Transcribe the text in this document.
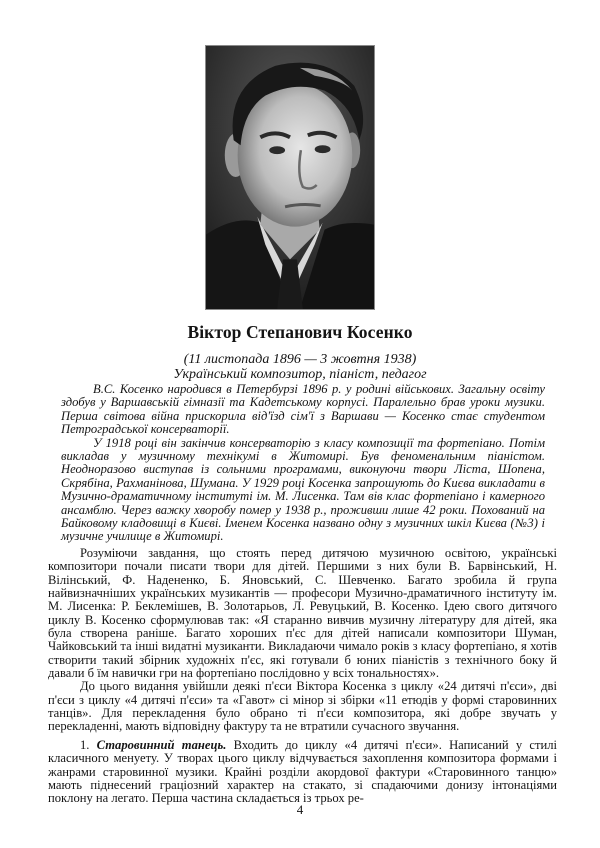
Віктор Степанович Косенко
(11 листопада 1896 — 3 жовтня 1938)
Український композитор, піаніст, педагог

В.С. Косенко народився в Петербурзі 1896 р. у родині військових. Загальну освіту здобув у Варшавській гімназії та Кадетському корпусі. Паралельно брав уроки музики. Перша світова війна прискорила від'їзд сім'ї з Варшави — Косенко стає студентом Петроградської консерваторії.

У 1918 році він закінчив консерваторію з класу композиції та фортепіано. Потім викладав у музичному технікумі в Житомирі. Був феноменальним піаністом. Неодноразово виступав із сольними програмами, виконуючи твори Ліста, Шопена, Скрябіна, Рахманінова, Шумана. У 1929 році Косенка запрошують до Києва викладати в Музично-драматичному інституті ім. М. Лисенка. Там вів клас фортепіано і камерного ансамблю. Через важку хворобу помер у 1938 р., проживши лише 42 роки. Похований на Байковому кладовищі в Києві. Іменем Косенка названо одну з музичних шкіл Києва (№3) і музичне училище в Житомирі.

Розуміючи завдання, що стоять перед дитячою музичною освітою, українські композитори почали писати твори для дітей. Першими з них були В. Барвінський, Н. Вілінський, Ф. Надененко, Б. Яновський, С. Шевченко. Багато зробила й група найвизначніших українських музикантів — професори Музично-драматичного інституту ім. М. Лисенка: Р. Беклемішев, В. Золотарьов, Л. Ревуцький, В. Косенко. Ідею свого дитячого циклу В. Косенко сформулював так: «Я старанно вивчив музичну літературу для дітей, яка була створена раніше. Багато хороших п'єс для дітей написали композитори Шуман, Чайковський та інші видатні музиканти. Викладаючи чимало років з класу фортепіано, я хотів створити такий збірник художніх п'єс, які готували б юних піаністів з технічного боку й давали б їм навички гри на фортепіано послідовно у всіх тональностях».

До цього видання увійшли деякі п'єси Віктора Косенка з циклу «24 дитячі п'єси», дві п'єси з циклу «4 дитячі п'єси» та «Гавот» сі мінор зі збірки «11 етюдів у формі старовинних танців». Для перекладення було обрано ті п'єси композитора, які добре звучать у перекладенні, мають відповідну фактуру та не втратили сучасного звучання.

1. Старовинний танець. Входить до циклу «4 дитячі п'єси». Написаний у стилі класичного менуету. У творах цього циклу відчувається захоплення композитора формами і жанрами старовинної музики. Крайні розділи акордової фактури «Старовинного танцю» мають піднесений граціозний характер на стакато, зі спадаючими донизу інтонаціями поклону на легато. Перша частина складається із трьох ре-

4
